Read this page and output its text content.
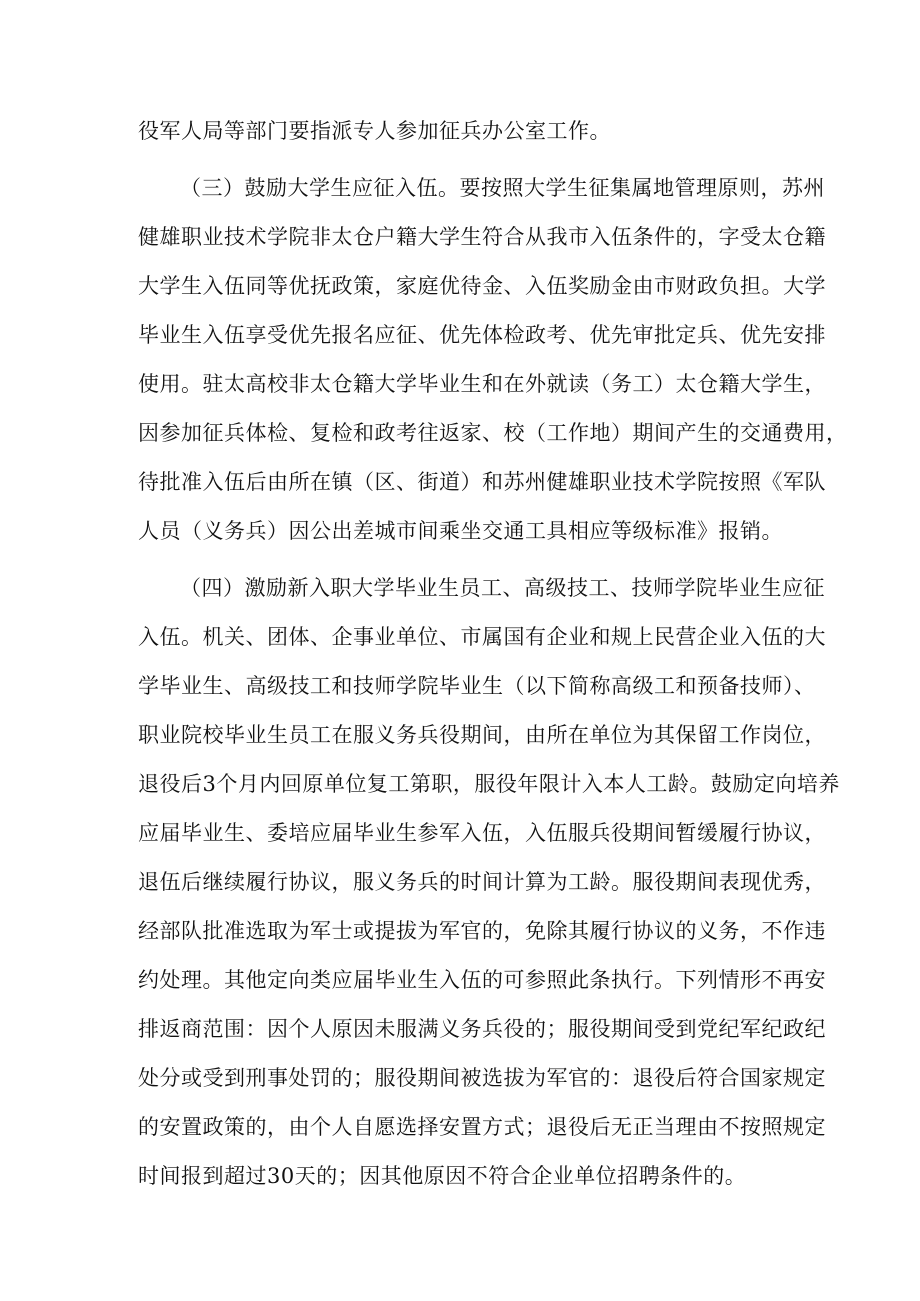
役军人局等部门要指派专人参加征兵办公室工作。

（三）鼓励大学生应征入伍。要按照大学生征集属地管理原则，苏州
健雄职业技术学院非太仓户籍大学生符合从我市入伍条件的，字受太仓籍
大学生入伍同等优抚政策，家庭优待金、入伍奖励金由市财政负担。大学
毕业生入伍享受优先报名应征、优先体检政考、优先审批定兵、优先安排
使用。驻太高校非太仓籍大学毕业生和在外就读（务工）太仓籍大学生，
因参加征兵体检、复检和政考往返家、校（工作地）期间产生的交通费用，
待批准入伍后由所在镇（区、街道）和苏州健雄职业技术学院按照《军队
人员（义务兵）因公出差城市间乘坐交通工具相应等级标准》报销。

（四）激励新入职大学毕业生员工、高级技工、技师学院毕业生应征
入伍。机关、团体、企事业单位、市属国有企业和规上民营企业入伍的大
学毕业生、高级技工和技师学院毕业生（以下简称高级工和预备技师）、
职业院校毕业生员工在服义务兵役期间，由所在单位为其保留工作岗位，
退役后3个月内回原单位复工第职，服役年限计入本人工龄。鼓励定向培养
应届毕业生、委培应届毕业生参军入伍，入伍服兵役期间暂缓履行协议，
退伍后继续履行协议，服义务兵的时间计算为工龄。服役期间表现优秀，
经部队批准选取为军士或提拔为军官的，免除其履行协议的义务，不作违
约处理。其他定向类应届毕业生入伍的可参照此条执行。下列情形不再安
排返商范围：因个人原因未服满义务兵役的；服役期间受到党纪军纪政纪
处分或受到刑事处罚的；服役期间被选拔为军官的：退役后符合国家规定
的安置政策的，由个人自愿选择安置方式；退役后无正当理由不按照规定
时间报到超过30天的；因其他原因不符合企业单位招聘条件的。
